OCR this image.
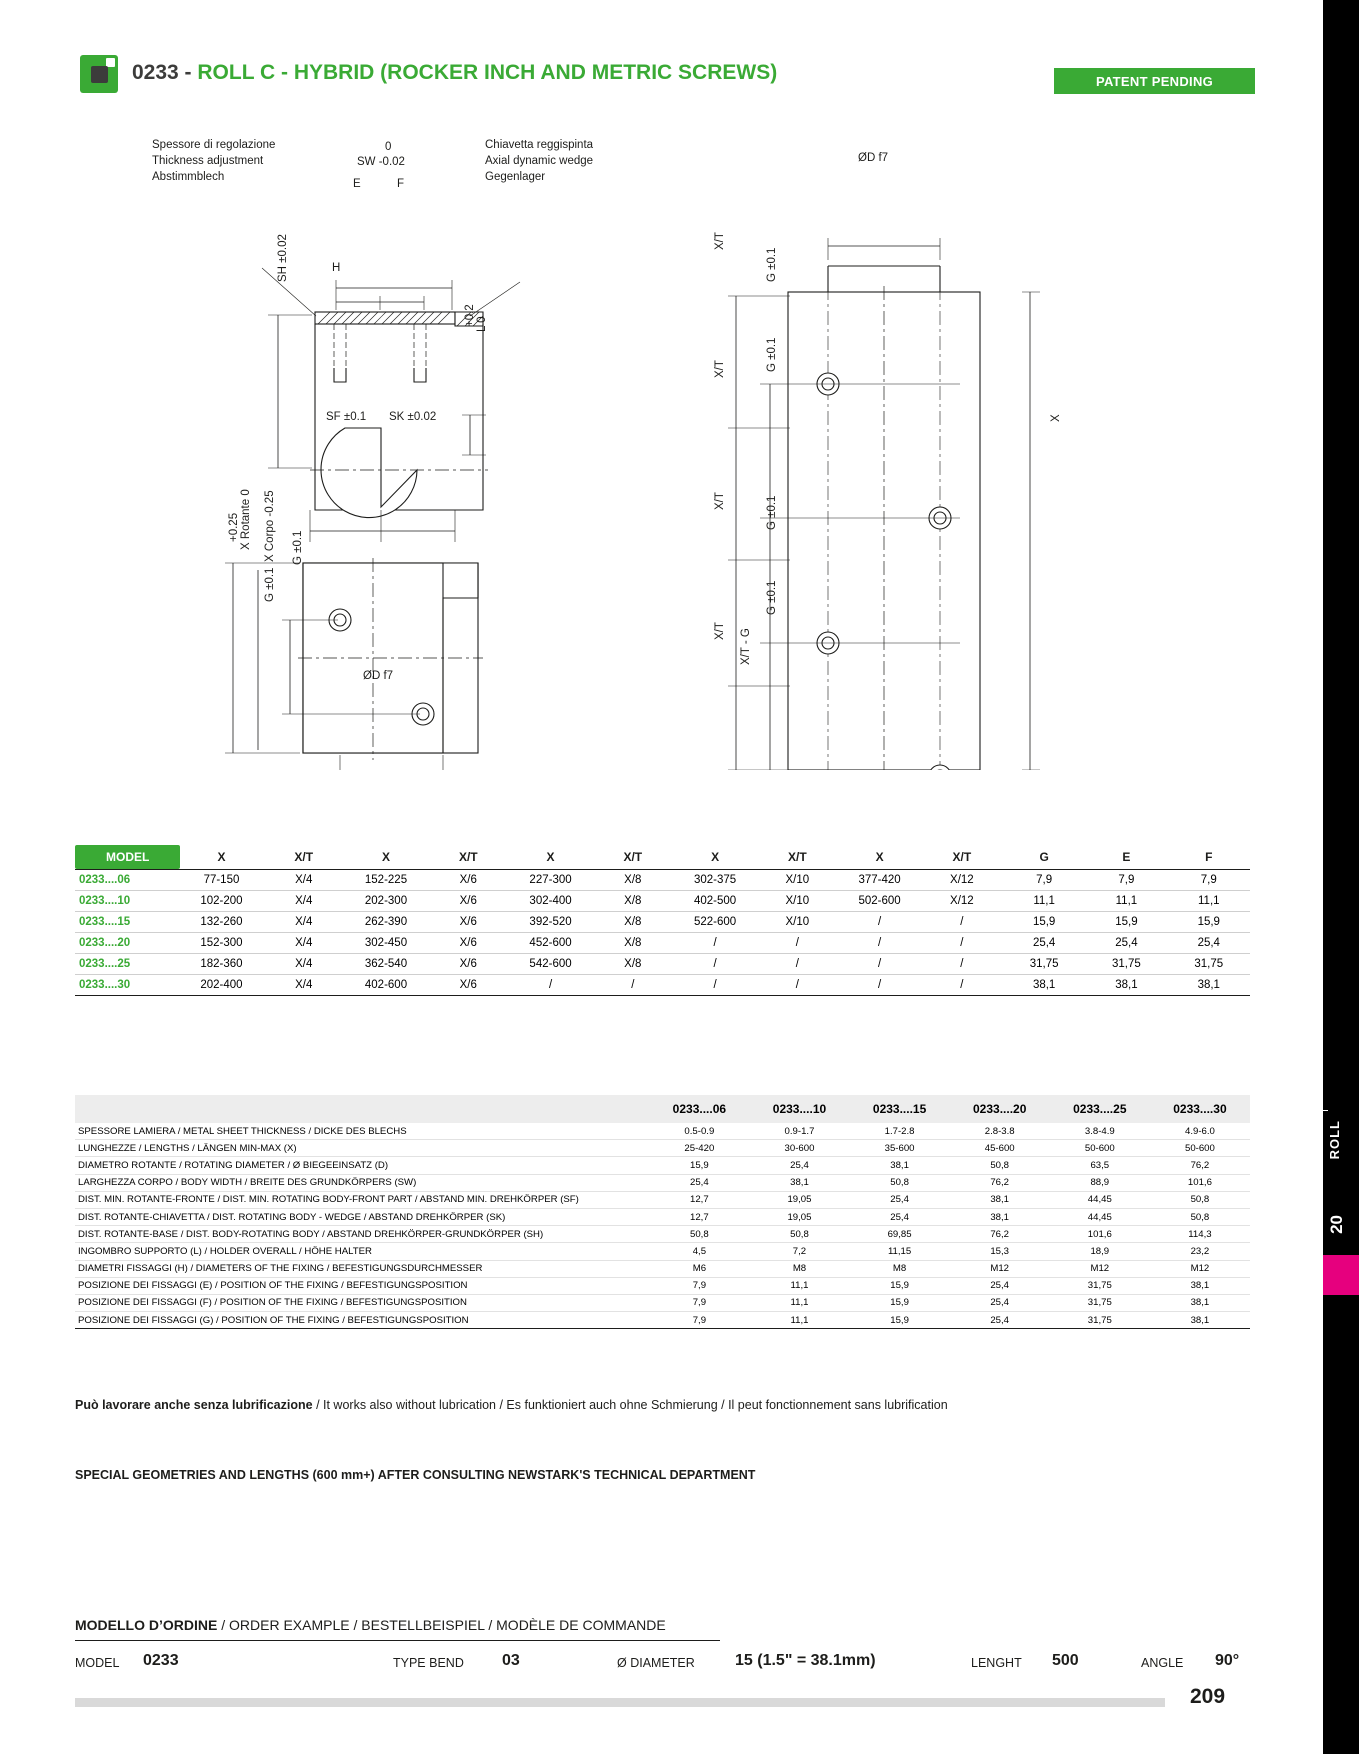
ROLL
20
0233 - ROLL C - HYBRID (ROCKER INCH AND METRIC SCREWS)	PATENT PENDING
Spessore di regolazione
Thickness adjustment
Abstimmblech
Chiavetta reggispinta
Axial dynamic wedge
Gegenlager
0
SW -0.02
E	F
H
SH ±0.02
+0.2 L 0
SF ±0.1 SK ±0.02
+0.25 X Rotante 0 X Corpo -0.25 G ±0.1
G ±0.1
ØD f7
ØD f7
X/T
X/T
X/T
X/T
G ±0.1
G ±0.1
G ±0.1
G ±0.1
X/T - G
X
MODEL	X	X/T	X	X/T	X	X/T	X	X/T	X	X/T	G	E	F
0233....06	77-150	X/4	152-225	X/6	227-300	X/8	302-375	X/10	377-420	X/12	7,9	7,9	7,9
0233....10	102-200	X/4	202-300	X/6	302-400	X/8	402-500	X/10	502-600	X/12	11,1	11,1	11,1
0233....15	132-260	X/4	262-390	X/6	392-520	X/8	522-600	X/10	/	/	15,9	15,9	15,9
0233....20	152-300	X/4	302-450	X/6	452-600	X/8	/	/	/	/	25,4	25,4	25,4
0233....25	182-360	X/4	362-540	X/6	542-600	X/8	/	/	/	/	31,75	31,75	31,75
0233....30	202-400	X/4	402-600	X/6	/	/	/	/	/	/	38,1	38,1	38,1
	0233....06	0233....10	0233....15	0233....20	0233....25	0233....30
SPESSORE LAMIERA / METAL SHEET THICKNESS / DICKE DES BLECHS	0.5-0.9	0.9-1.7	1.7-2.8	2.8-3.8	3.8-4.9	4.9-6.0
LUNGHEZZE / LENGTHS / LÄNGEN MIN-MAX (X)	25-420	30-600	35-600	45-600	50-600	50-600
DIAMETRO ROTANTE / ROTATING DIAMETER / Ø BIEGEEINSATZ (D)	15,9	25,4	38,1	50,8	63,5	76,2
LARGHEZZA CORPO / BODY WIDTH / BREITE DES GRUNDKÖRPERS (SW)	25,4	38,1	50,8	76,2	88,9	101,6
DIST. MIN. ROTANTE-FRONTE / DIST. MIN. ROTATING BODY-FRONT PART / ABSTAND MIN. DREHKÖRPER (SF)	12,7	19,05	25,4	38,1	44,45	50,8
DIST. ROTANTE-CHIAVETTA / DIST. ROTATING BODY - WEDGE / ABSTAND DREHKÖRPER (SK)	12,7	19,05	25,4	38,1	44,45	50,8
DIST. ROTANTE-BASE / DIST. BODY-ROTATING BODY / ABSTAND DREHKÖRPER-GRUNDKÖRPER (SH)	50,8	50,8	69,85	76,2	101,6	114,3
INGOMBRO SUPPORTO (L) / HOLDER OVERALL / HÖHE HALTER	4,5	7,2	11,15	15,3	18,9	23,2
DIAMETRI FISSAGGI (H) / DIAMETERS OF THE FIXING / BEFESTIGUNGSDURCHMESSER	M6	M8	M8	M12	M12	M12
POSIZIONE DEI FISSAGGI (E) / POSITION OF THE FIXING / BEFESTIGUNGSPOSITION	7,9	11,1	15,9	25,4	31,75	38,1
POSIZIONE DEI FISSAGGI (F) / POSITION OF THE FIXING / BEFESTIGUNGSPOSITION	7,9	11,1	15,9	25,4	31,75	38,1
POSIZIONE DEI FISSAGGI (G) / POSITION OF THE FIXING / BEFESTIGUNGSPOSITION	7,9	11,1	15,9	25,4	31,75	38,1
Può lavorare anche senza lubrificazione / It works also without lubrication / Es funktioniert auch ohne Schmierung / Il peut fonctionnement sans lubrification
SPECIAL GEOMETRIES AND LENGTHS (600 mm+) AFTER CONSULTING NEWSTARK'S TECHNICAL DEPARTMENT
MODELLO D’ORDINE / ORDER EXAMPLE / BESTELLBEISPIEL / MODÈLE DE COMMANDE
MODEL 0233	TYPE BEND 03	Ø DIAMETER	15 (1.5" = 38.1mm)	LENGHT 500	ANGLE 90°
209
